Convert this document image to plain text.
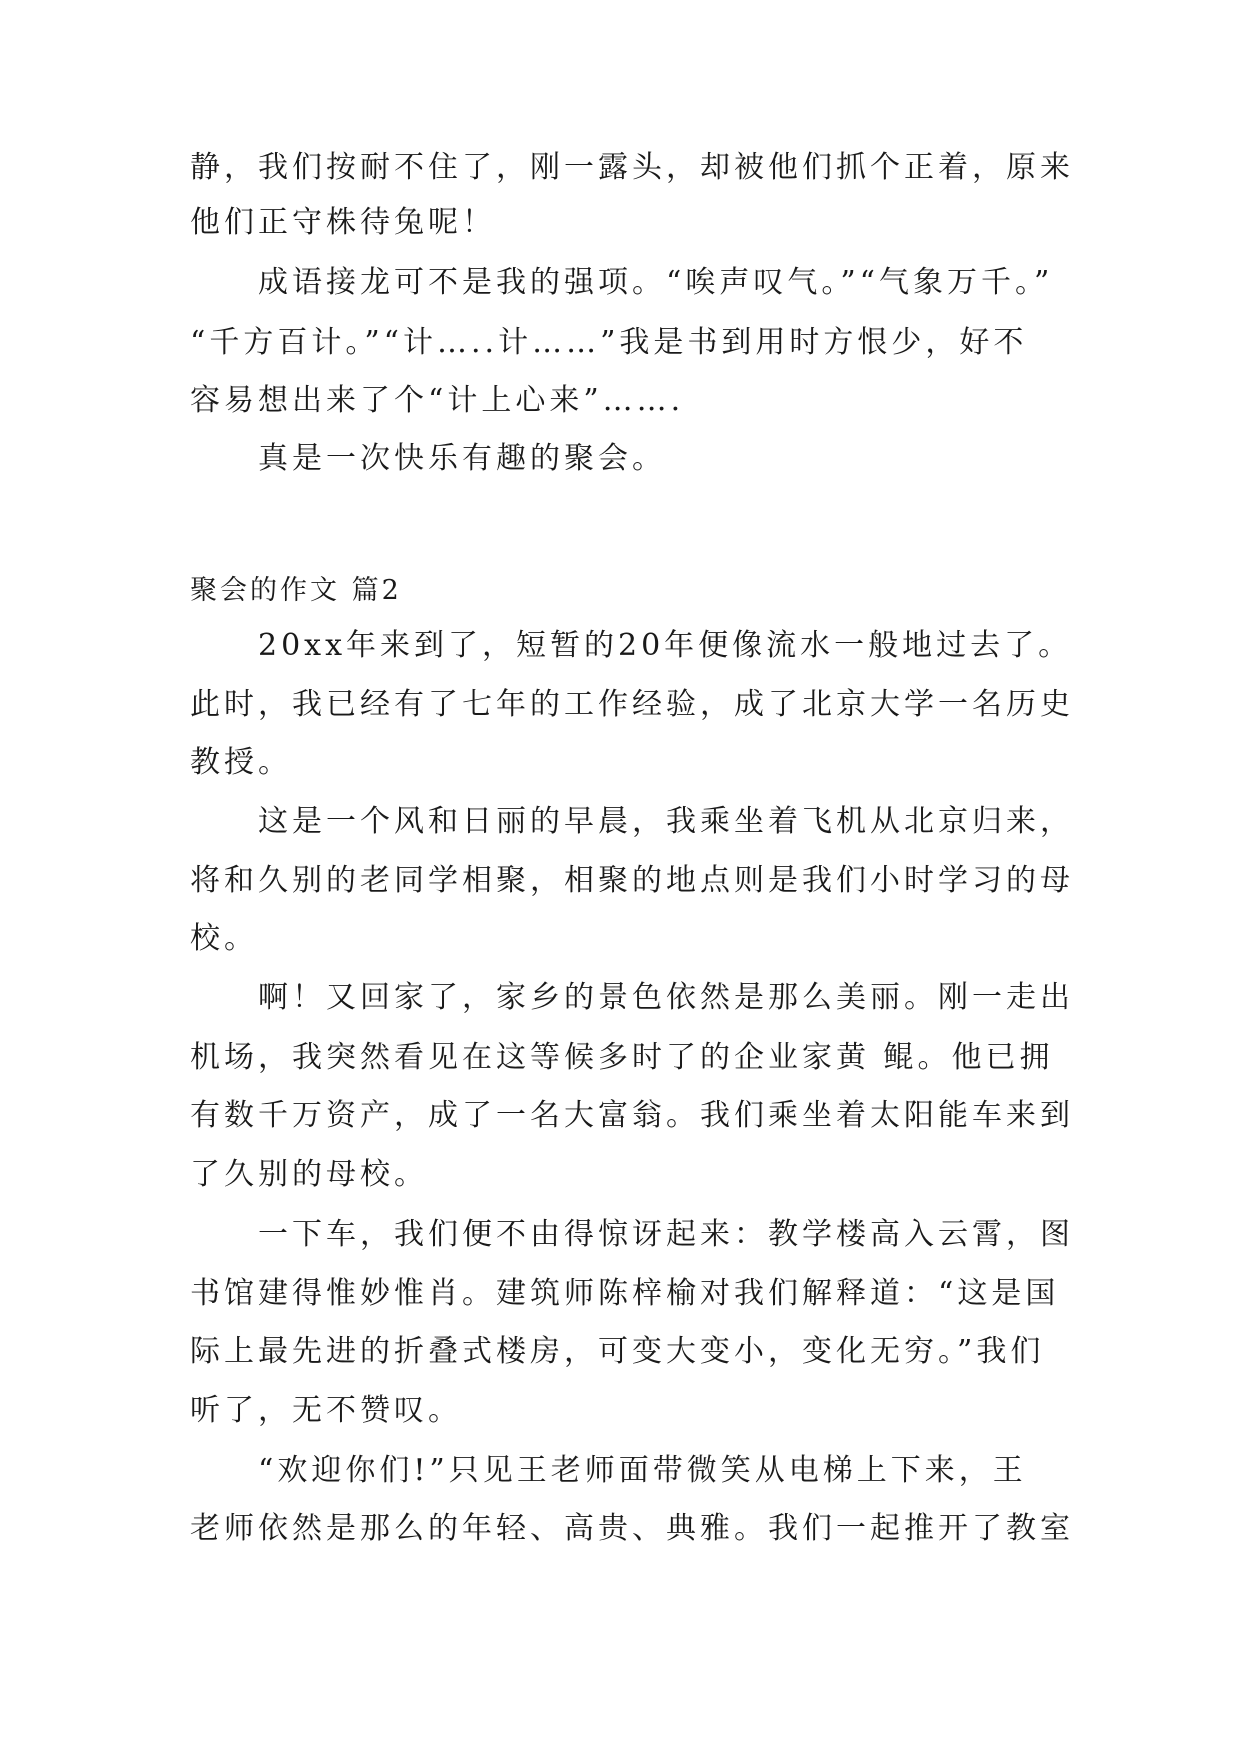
静，我们按耐不住了，刚一露头，却被他们抓个正着，原来
他们正守株待兔呢！
　　成语接龙可不是我的强项。“唉声叹气。”“气象万千。”
“千方百计。”“计…..计……”我是书到用时方恨少，好不
容易想出来了个“计上心来”…….
　　真是一次快乐有趣的聚会。
聚会的作文 篇2
　　20xx年来到了，短暂的20年便像流水一般地过去了。
此时，我已经有了七年的工作经验，成了北京大学一名历史
教授。
　　这是一个风和日丽的早晨，我乘坐着飞机从北京归来，
将和久别的老同学相聚，相聚的地点则是我们小时学习的母
校。
　　啊！又回家了，家乡的景色依然是那么美丽。刚一走出
机场，我突然看见在这等候多时了的企业家黄 鲲。他已拥
有数千万资产，成了一名大富翁。我们乘坐着太阳能车来到
了久别的母校。
　　一下车，我们便不由得惊讶起来：教学楼高入云霄，图
书馆建得惟妙惟肖。建筑师陈梓榆对我们解释道：“这是国
际上最先进的折叠式楼房，可变大变小，变化无穷。”我们
听了，无不赞叹。
　　“欢迎你们!”只见王老师面带微笑从电梯上下来，王
老师依然是那么的年轻、高贵、典雅。我们一起推开了教室
